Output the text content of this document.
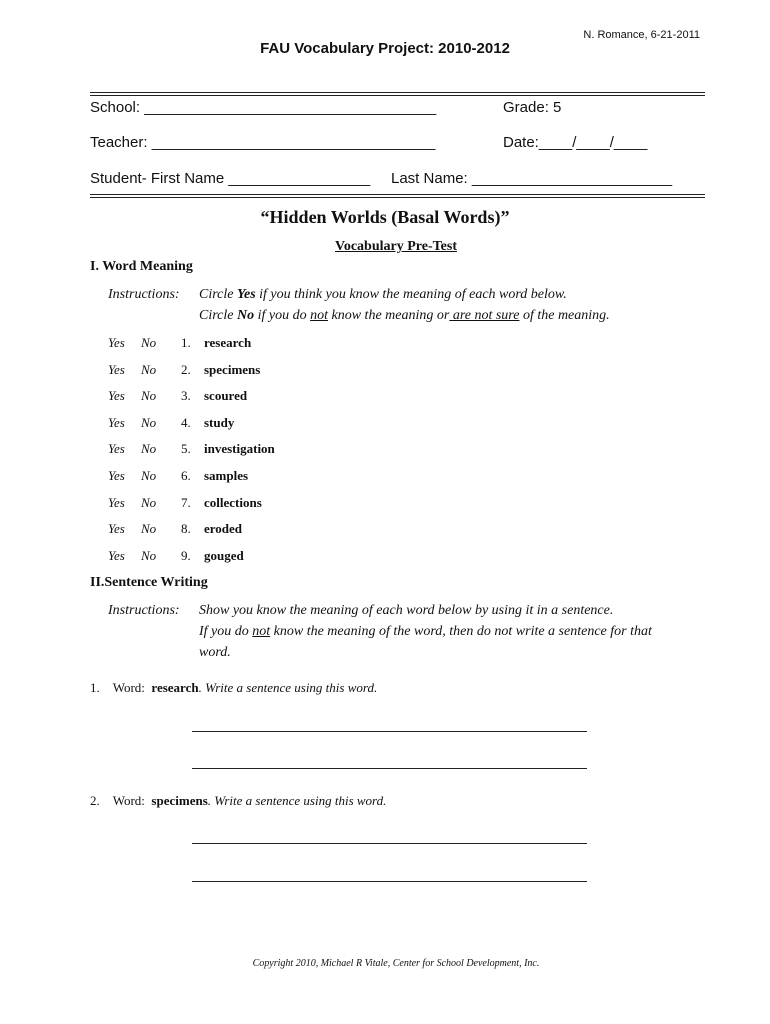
N. Romance, 6-21-2011
FAU Vocabulary Project: 2010-2012
School: ___________________________________	Grade: 5
Teacher: __________________________________	Date:____/____/____
Student- First Name _________________ Last Name: ________________________
“Hidden Worlds (Basal Words)”
Vocabulary Pre-Test
I. Word Meaning
Instructions: Circle Yes if you think you know the meaning of each word below.
Circle No if you do not know the meaning or are not sure of the meaning.
Yes No 1. research
Yes No 2. specimens
Yes No 3. scoured
Yes No 4. study
Yes No 5. investigation
Yes No 6. samples
Yes No 7. collections
Yes No 8. eroded
Yes No 9. gouged
II.Sentence Writing
Instructions: Show you know the meaning of each word below by using it in a sentence.
If you do not know the meaning of the word, then do not write a sentence for that
word.
1. Word: research. Write a sentence using this word.
2. Word: specimens. Write a sentence using this word.
Copyright 2010, Michael R Vitale, Center for School Development, Inc.
